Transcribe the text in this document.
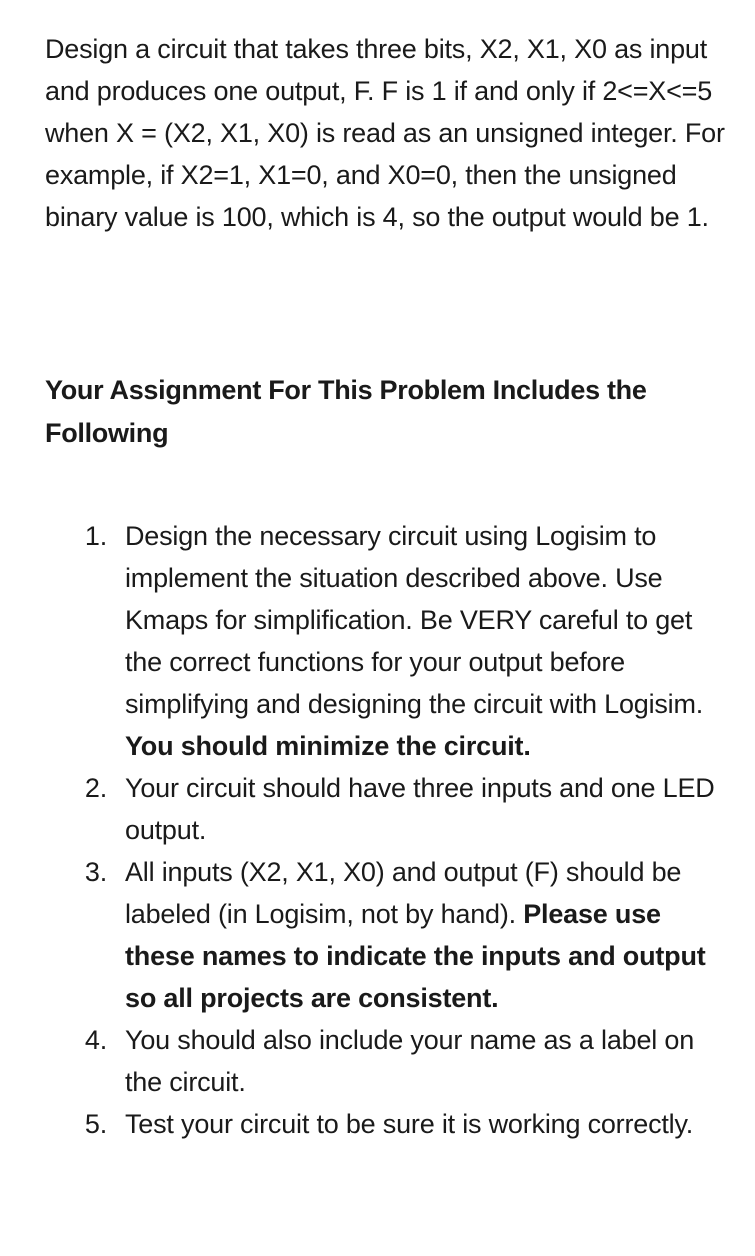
Design a circuit that takes three bits, X2, X1, X0 as input and produces one output, F. F is 1 if and only if 2<=X<=5 when X = (X2, X1, X0) is read as an unsigned integer. For example, if X2=1, X1=0, and X0=0, then the unsigned binary value is 100, which is 4, so the output would be 1.

Your Assignment For This Problem Includes the Following
1. Design the necessary circuit using Logisim to implement the situation described above. Use Kmaps for simplification. Be VERY careful to get the correct functions for your output before simplifying and designing the circuit with Logisim. You should minimize the circuit.
2. Your circuit should have three inputs and one LED output.
3. All inputs (X2, X1, X0) and output (F) should be labeled (in Logisim, not by hand). Please use these names to indicate the inputs and output so all projects are consistent.
4. You should also include your name as a label on the circuit.
5. Test your circuit to be sure it is working correctly.
